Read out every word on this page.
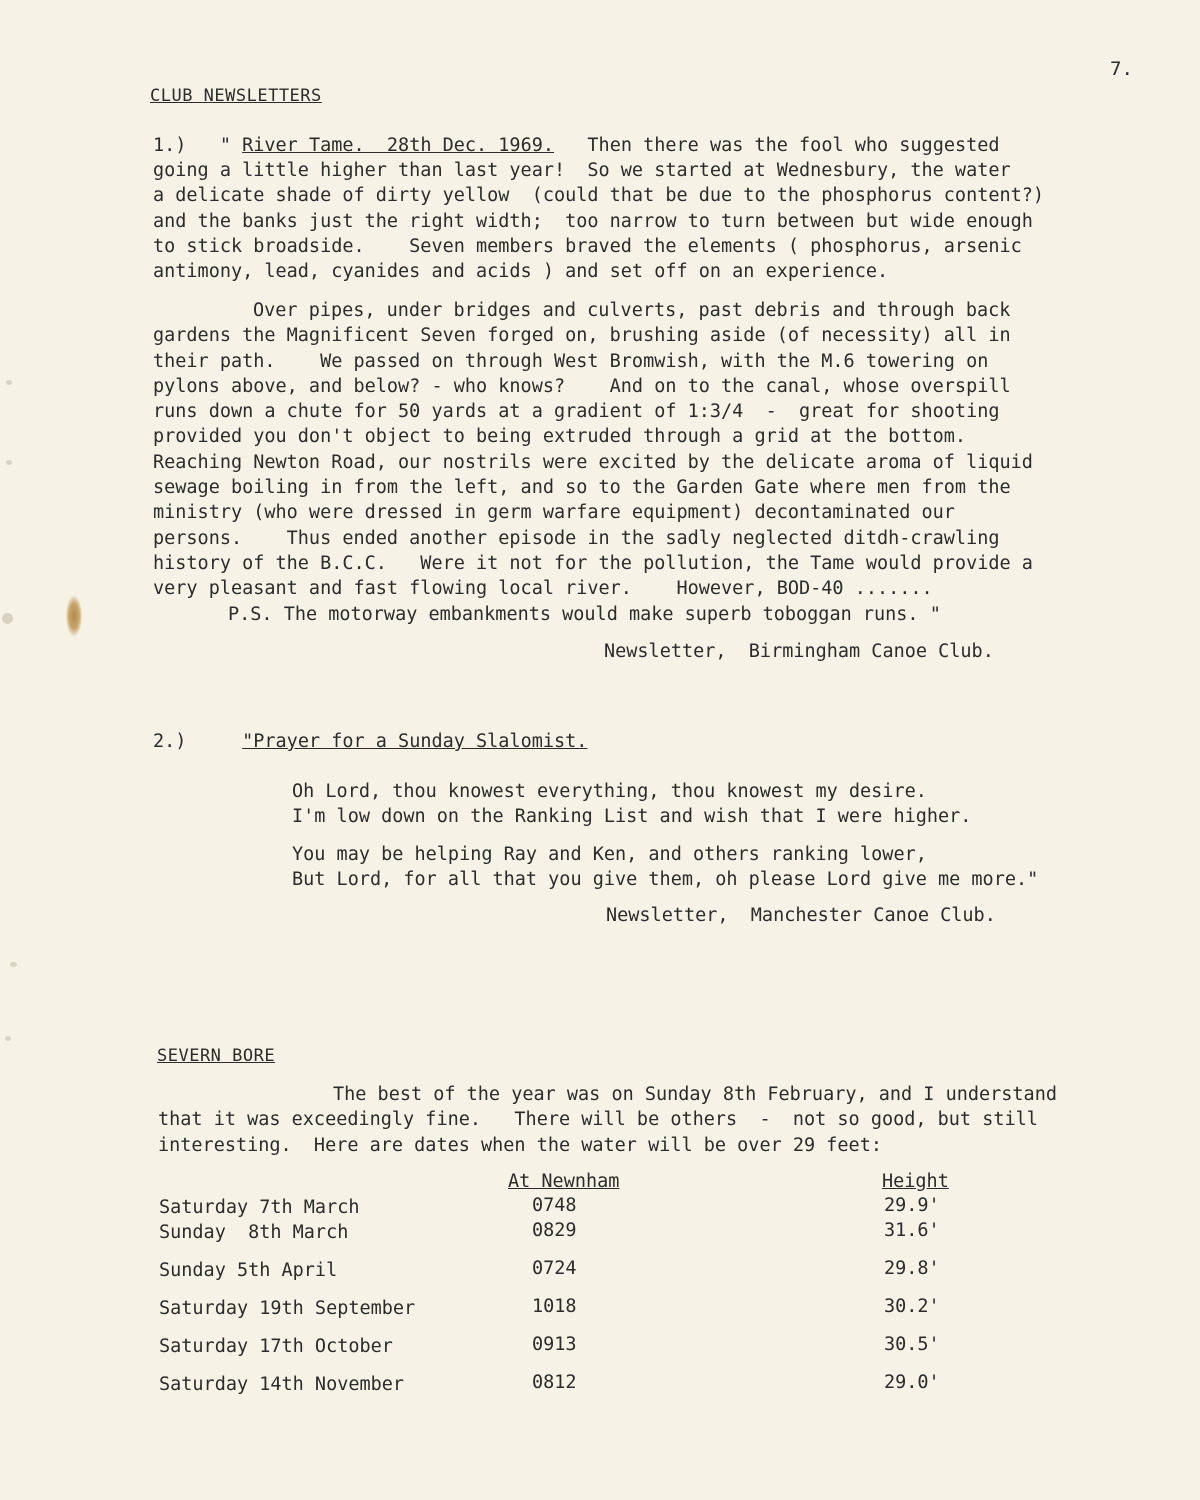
7.
CLUB NEWSLETTERS
1.)   " River Tame.  28th Dec. 1969. Then there was the fool who suggested
going a little higher than last year!  So we started at Wednesbury, the water
a delicate shade of dirty yellow  (could that be due to the phosphorus content?)
and the banks just the right width;  too narrow to turn between but wide enough
to stick broadside.    Seven members braved the elements ( phosphorus, arsenic
antimony, lead, cyanides and acids ) and set off on an experience.
Over pipes, under bridges and culverts, past debris and through back
gardens the Magnificent Seven forged on, brushing aside (of necessity) all in
their path.    We passed on through West Bromwish, with the M.6 towering on
pylons above, and below? - who knows?    And on to the canal, whose overspill
runs down a chute for 50 yards at a gradient of 1:3/4  -  great for shooting
provided you don't object to being extruded through a grid at the bottom.
Reaching Newton Road, our nostrils were excited by the delicate aroma of liquid
sewage boiling in from the left, and so to the Garden Gate where men from the
ministry (who were dressed in germ warfare equipment) decontaminated our
persons.    Thus ended another episode in the sadly neglected ditdh-crawling
history of the B.C.C.   Were it not for the pollution, the Tame would provide a
very pleasant and fast flowing local river.    However, BOD-40 .......
P.S. The motorway embankments would make superb toboggan runs. "
Newsletter,  Birmingham Canoe Club.
2.)	"Prayer for a Sunday Slalomist.
Oh Lord, thou knowest everything, thou knowest my desire.
I'm low down on the Ranking List and wish that I were higher.
You may be helping Ray and Ken, and others ranking lower,
But Lord, for all that you give them, oh please Lord give me more."
Newsletter,  Manchester Canoe Club.
SEVERN BORE
The best of the year was on Sunday 8th February, and I understand
that it was exceedingly fine.   There will be others  -  not so good, but still
interesting.  Here are dates when the water will be over 29 feet:
At Newnham	Height
Saturday 7th March	0748	29.9'
Sunday  8th March	0829	31.6'
Sunday 5th April	0724	29.8'
Saturday 19th September	1018	30.2'
Saturday 17th October	0913	30.5'
Saturday 14th November	0812	29.0'
